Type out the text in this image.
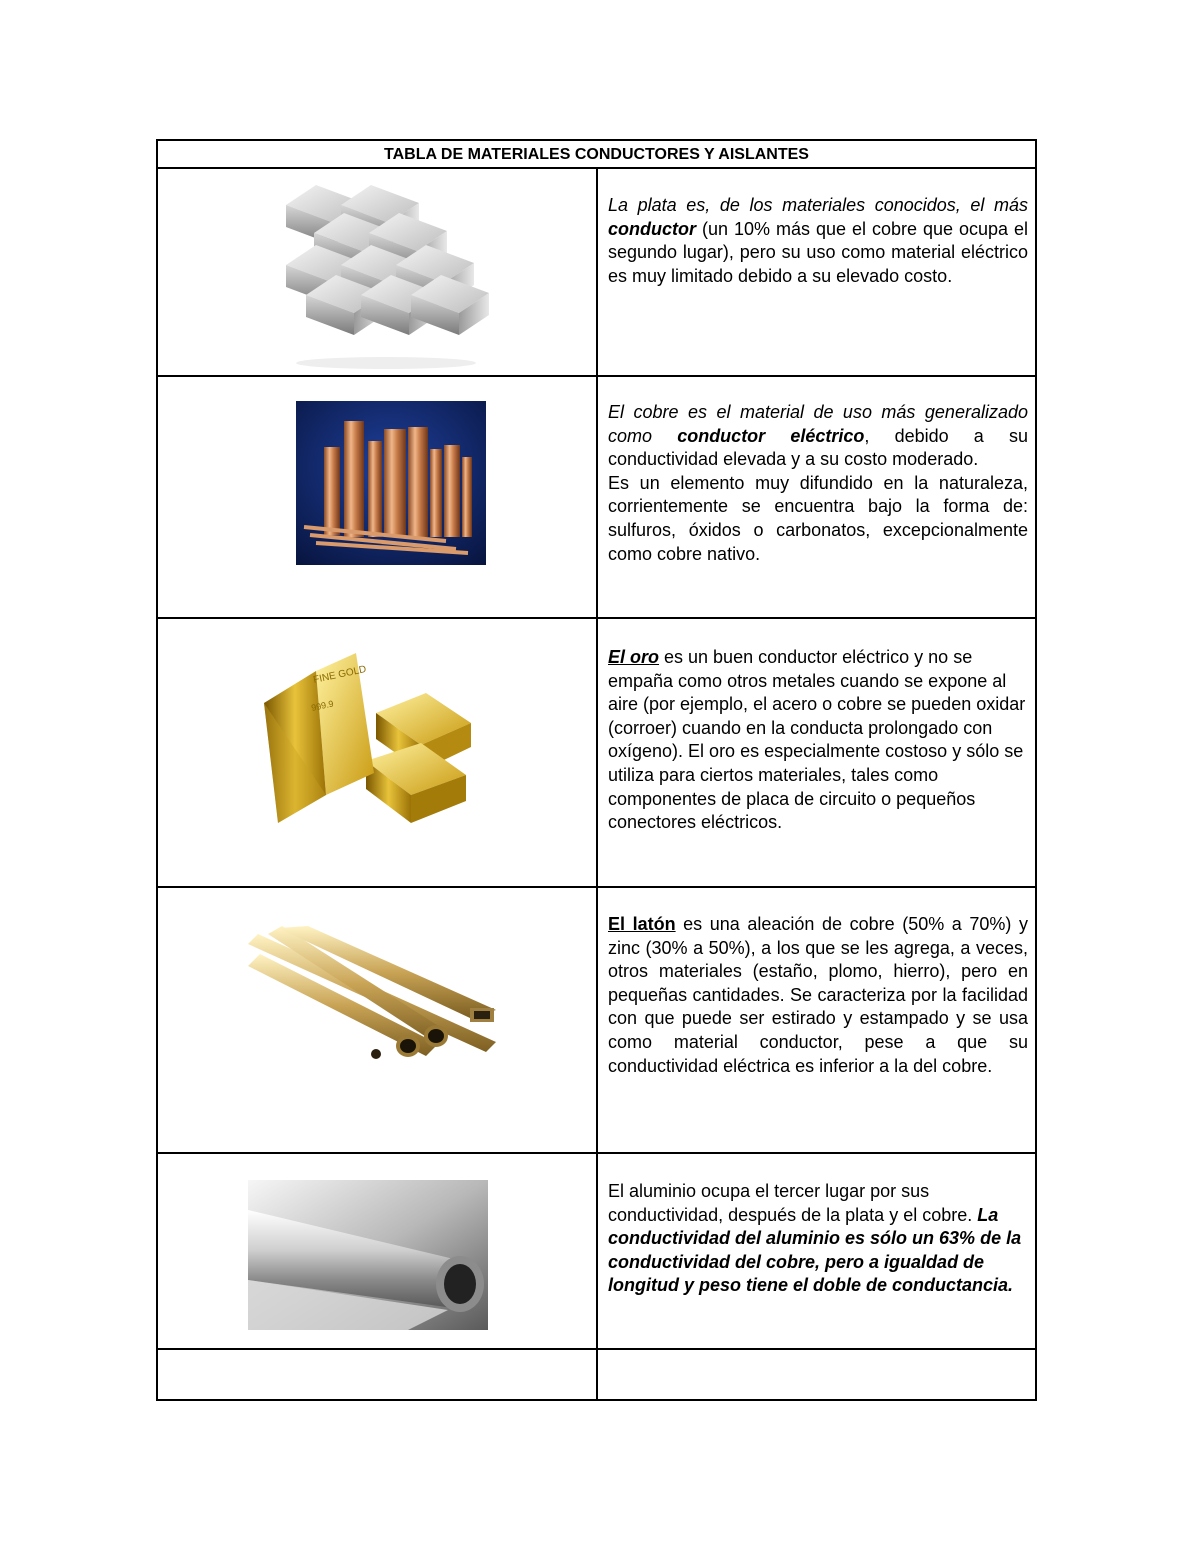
TABLA DE MATERIALES CONDUCTORES Y AISLANTES
La plata es, de los materiales conocidos, el más conductor (un 10% más que el cobre que ocupa el segundo lugar), pero su uso como material eléctrico es muy limitado debido a su elevado costo.
El cobre es el material de uso más generalizado como conductor eléctrico, debido a su conductividad elevada y a su costo moderado.
Es un elemento muy difundido en la naturaleza, corrientemente se encuentra bajo la forma de: sulfuros, óxidos o carbonatos, excepcionalmente como cobre nativo.
FINE GOLD
999.9
El oro es un buen conductor eléctrico y no se empaña como otros metales cuando se expone al aire (por ejemplo, el acero o cobre se pueden oxidar (corroer) cuando en la conducta prolongado con oxígeno). El oro es especialmente costoso y sólo se utiliza para ciertos materiales, tales como componentes de placa de circuito o pequeños conectores eléctricos.
El latón es una aleación de cobre (50% a 70%) y zinc (30% a 50%), a los que se les agrega, a veces, otros materiales (estaño, plomo, hierro), pero en pequeñas cantidades. Se caracteriza por la facilidad con que puede ser estirado y estampado y se usa como material conductor, pese a que su conductividad eléctrica es inferior a la del cobre.
El aluminio ocupa el tercer lugar por sus conductividad, después de la plata y el cobre. La conductividad del aluminio es sólo un 63% de la conductividad del cobre, pero a igualdad de longitud y peso tiene el doble de conductancia.
